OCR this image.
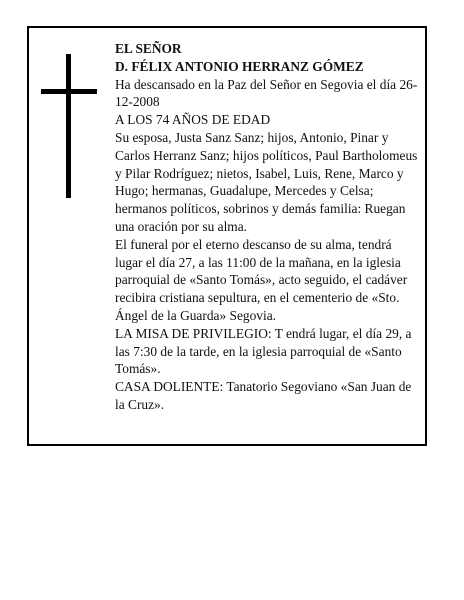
EL SEÑOR

D. FÉLIX ANTONIO HERRANZ GÓMEZ

Ha descansado en la Paz del Señor en Segovia el día 26-12-2008

A LOS 74 AÑOS DE EDAD

Su esposa, Justa Sanz Sanz; hijos, Antonio, Pinar y Carlos Herranz Sanz; hijos políticos, Paul Bartholomeus y Pilar Rodríguez; nietos, Isabel, Luis, Rene, Marco y Hugo; hermanas, Guadalupe, Mercedes y Celsa; hermanos políticos, sobrinos y demás familia: Ruegan una oración por su alma.

El funeral por el eterno descanso de su alma, tendrá lugar el día 27, a las 11:00 de la mañana, en la iglesia parroquial de «Santo Tomás», acto seguido, el cadáver recibira cristiana sepultura, en el cementerio de «Sto. Ángel de la Guarda» Segovia.

LA MISA DE PRIVILEGIO: T endrá lugar, el día 29, a las 7:30 de la tarde, en la iglesia parroquial de «Santo Tomás».

CASA DOLIENTE: Tanatorio Segoviano «San Juan de la Cruz».
